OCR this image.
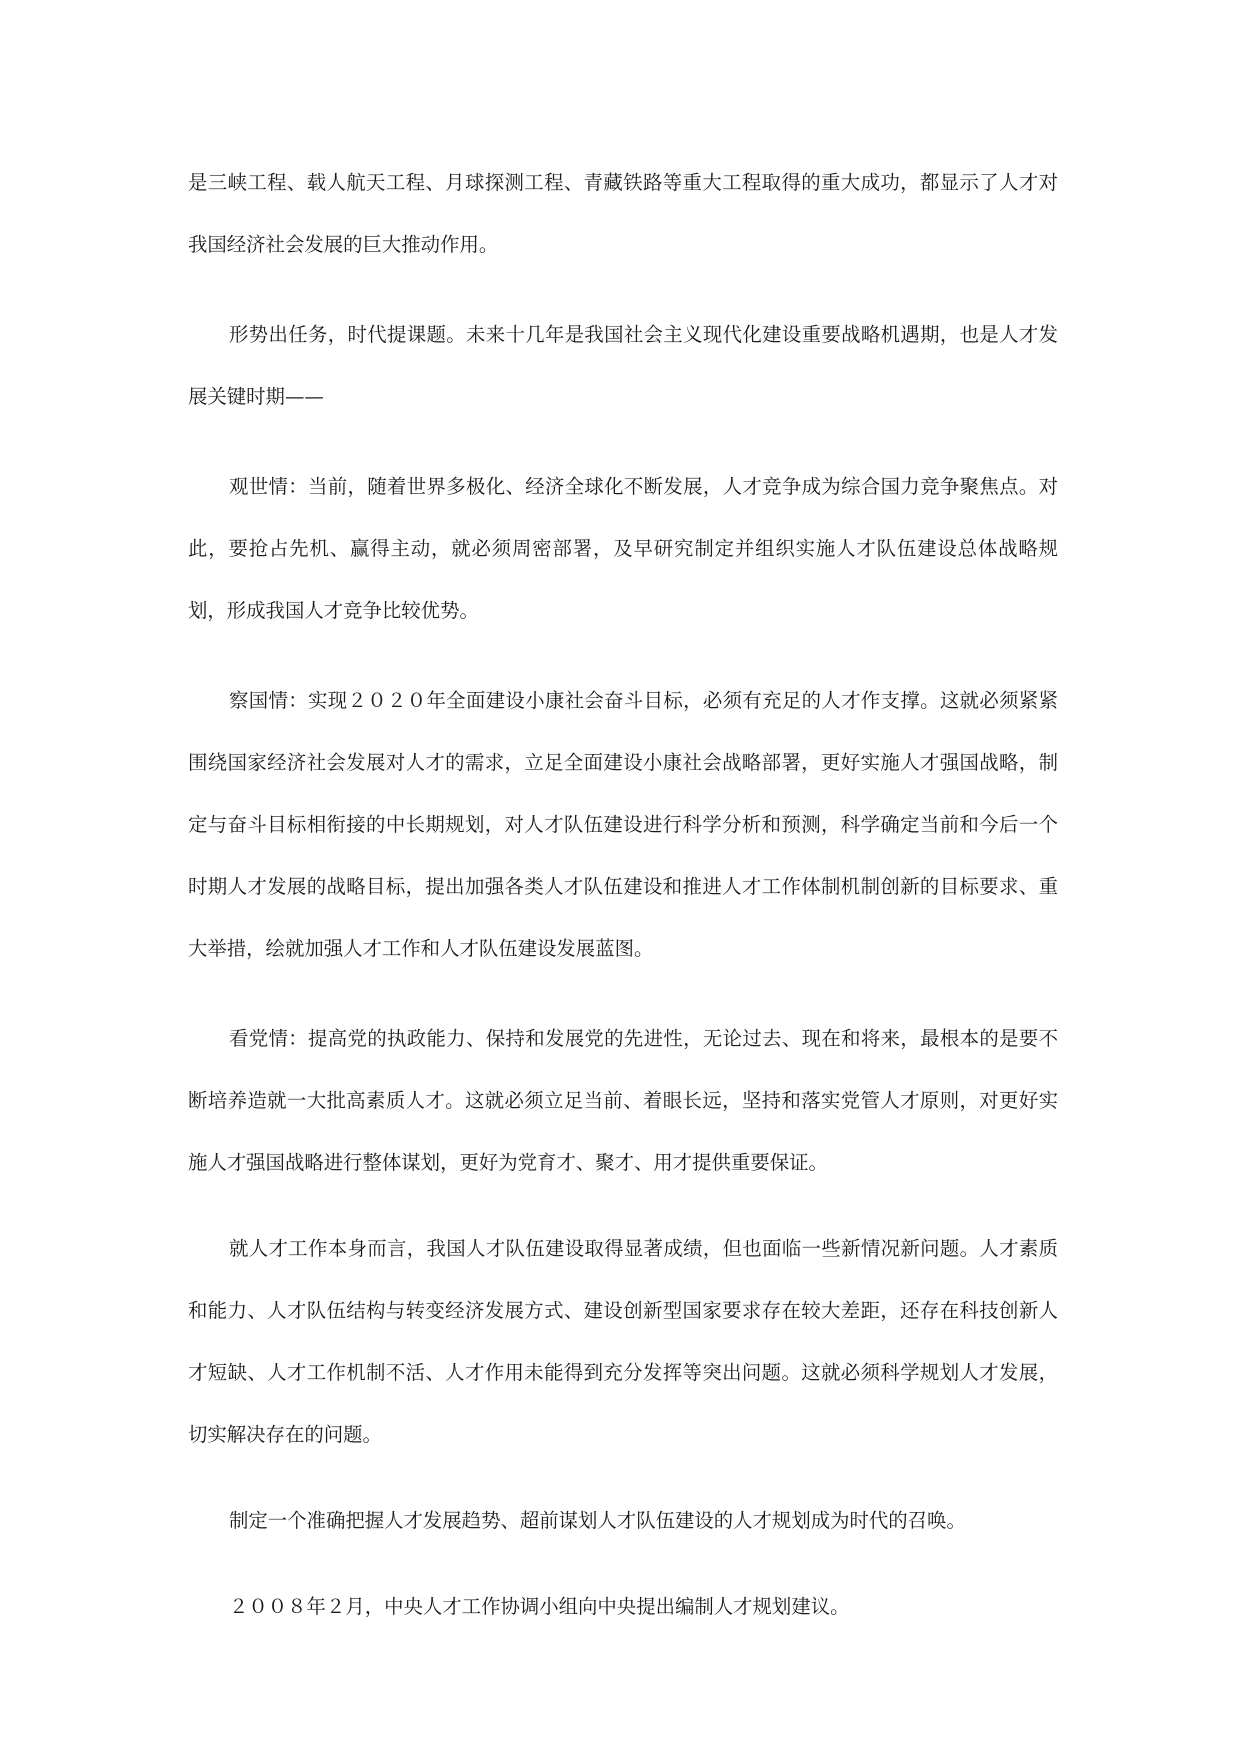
是三峡工程、载人航天工程、月球探测工程、青藏铁路等重大工程取得的重大成功，都显示了人才对我国经济社会发展的巨大推动作用。

形势出任务，时代提课题。未来十几年是我国社会主义现代化建设重要战略机遇期，也是人才发展关键时期——

观世情：当前，随着世界多极化、经济全球化不断发展，人才竞争成为综合国力竞争聚焦点。对此，要抢占先机、赢得主动，就必须周密部署，及早研究制定并组织实施人才队伍建设总体战略规划，形成我国人才竞争比较优势。

察国情：实现２０２０年全面建设小康社会奋斗目标，必须有充足的人才作支撑。这就必须紧紧围绕国家经济社会发展对人才的需求，立足全面建设小康社会战略部署，更好实施人才强国战略，制定与奋斗目标相衔接的中长期规划，对人才队伍建设进行科学分析和预测，科学确定当前和今后一个时期人才发展的战略目标，提出加强各类人才队伍建设和推进人才工作体制机制创新的目标要求、重大举措，绘就加强人才工作和人才队伍建设发展蓝图。

看党情：提高党的执政能力、保持和发展党的先进性，无论过去、现在和将来，最根本的是要不断培养造就一大批高素质人才。这就必须立足当前、着眼长远，坚持和落实党管人才原则，对更好实施人才强国战略进行整体谋划，更好为党育才、聚才、用才提供重要保证。

就人才工作本身而言，我国人才队伍建设取得显著成绩，但也面临一些新情况新问题。人才素质和能力、人才队伍结构与转变经济发展方式、建设创新型国家要求存在较大差距，还存在科技创新人才短缺、人才工作机制不活、人才作用未能得到充分发挥等突出问题。这就必须科学规划人才发展，切实解决存在的问题。

制定一个准确把握人才发展趋势、超前谋划人才队伍建设的人才规划成为时代的召唤。

２００８年２月，中央人才工作协调小组向中央提出编制人才规划建议。
